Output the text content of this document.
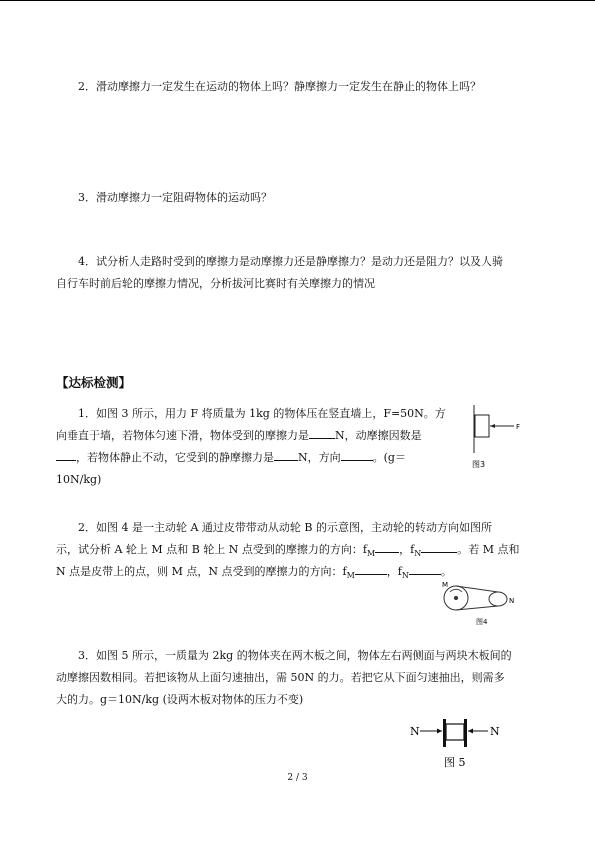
2．滑动摩擦力一定发生在运动的物体上吗？静摩擦力一定发生在静止的物体上吗？
3．滑动摩擦力一定阻碍物体的运动吗？
4．试分析人走路时受到的摩擦力是动摩擦力还是静摩擦力？是动力还是阻力？以及人骑
自行车时前后轮的摩擦力情况，分析拔河比赛时有关摩擦力的情况
【达标检测】
1．如图 3 所示，用力 F 将质量为 1kg 的物体压在竖直墙上，F=50N。方
向垂直于墙，若物体匀速下滑，物体受到的摩擦力是 N，动摩擦因数是
，若物体静止不动，它受到的静摩擦力是 N，方向	。(g＝
10N/kg)
F
图3
2．如图 4 是一主动轮 A 通过皮带带动从动轮 B 的示意图，主动轮的转动方向如图所
示，试分析 A 轮上 M 点和 B 轮上 N 点受到的摩擦力的方向：$f_M$ ，$f_N$	。若 M 点和
N 点是皮带上的点，则 M 点，N 点受到的摩擦力的方向：$f_M$	，$f_N$	。
M
N
图4
3．如图 5 所示，一质量为 2kg 的物体夹在两木板之间，物体左右两侧面与两块木板间的
动摩擦因数相同。若把该物从上面匀速抽出，需 50N 的力。若把它从下面匀速抽出，则需多
大的力。g＝10N/kg (设两木板对物体的压力不变)
N	N
图 5
2 / 3
